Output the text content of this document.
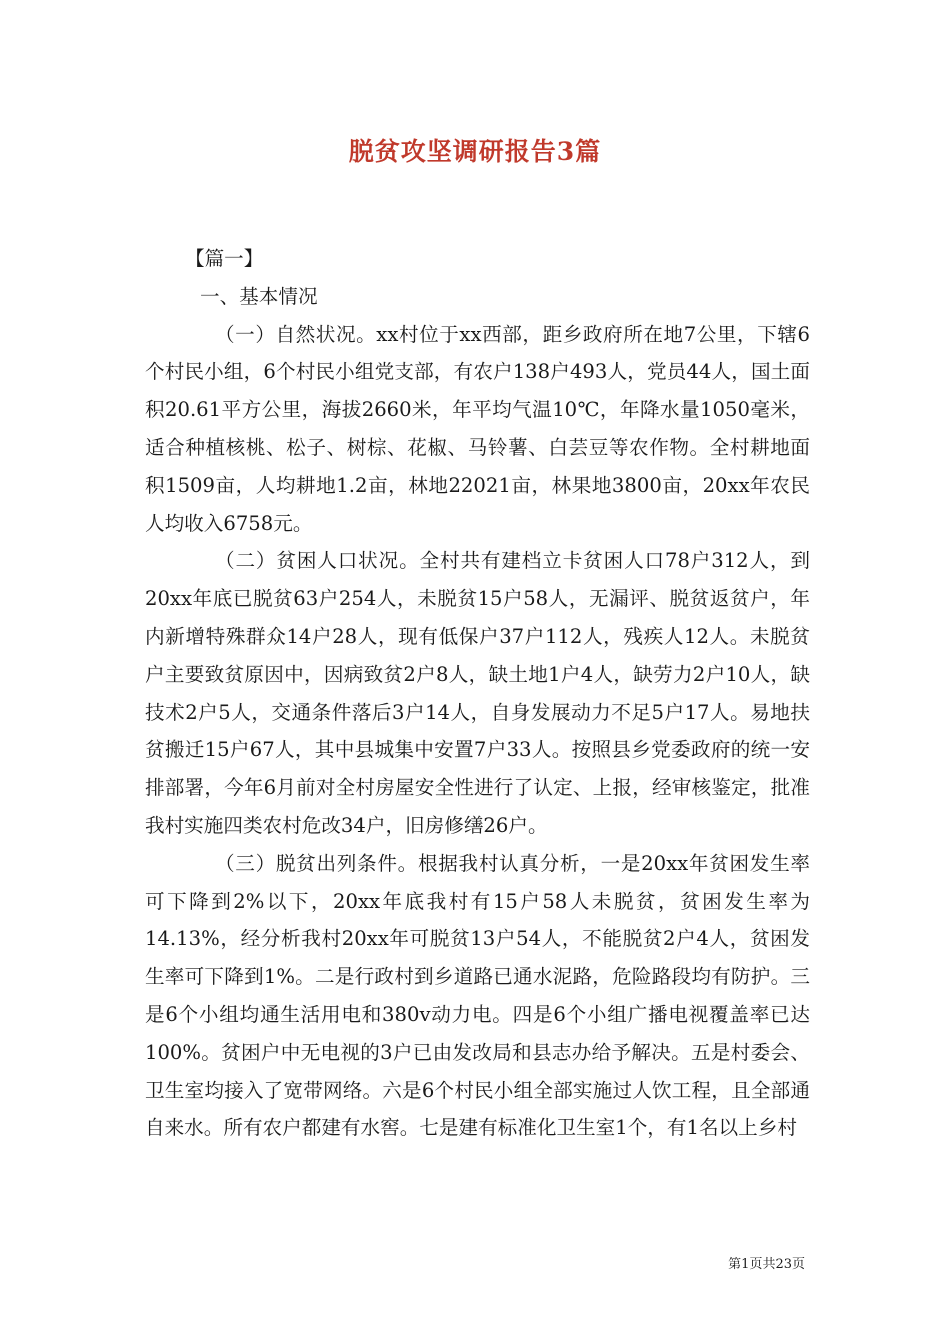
脱贫攻坚调研报告3篇

【篇一】

一、基本情况

（一）自然状况。xx村位于xx西部，距乡政府所在地7公里，下辖6个村民小组，6个村民小组党支部，有农户138户493人，党员44人，国土面积20.61平方公里，海拔2660米，年平均气温10℃，年降水量1050毫米，适合种植核桃、松子、树棕、花椒、马铃薯、白芸豆等农作物。全村耕地面积1509亩，人均耕地1.2亩，林地22021亩，林果地3800亩，20xx年农民人均收入6758元。

（二）贫困人口状况。全村共有建档立卡贫困人口78户312人，到20xx年底已脱贫63户254人，未脱贫15户58人，无漏评、脱贫返贫户，年内新增特殊群众14户28人，现有低保户37户112人，残疾人12人。未脱贫户主要致贫原因中，因病致贫2户8人，缺土地1户4人，缺劳力2户10人，缺技术2户5人，交通条件落后3户14人，自身发展动力不足5户17人。易地扶贫搬迁15户67人，其中县城集中安置7户33人。按照县乡党委政府的统一安排部署，今年6月前对全村房屋安全性进行了认定、上报，经审核鉴定，批准我村实施四类农村危改34户，旧房修缮26户。

（三）脱贫出列条件。根据我村认真分析，一是20xx年贫困发生率可下降到2%以下，20xx年底我村有15户58人未脱贫，贫困发生率为14.13%，经分析我村20xx年可脱贫13户54人，不能脱贫2户4人，贫困发生率可下降到1%。二是行政村到乡道路已通水泥路，危险路段均有防护。三是6个小组均通生活用电和380v动力电。四是6个小组广播电视覆盖率已达100%。贫困户中无电视的3户已由发改局和县志办给予解决。五是村委会、卫生室均接入了宽带网络。六是6个村民小组全部实施过人饮工程，且全部通自来水。所有农户都建有水窖。七是建有标准化卫生室1个，有1名以上乡村

第1页共23页
